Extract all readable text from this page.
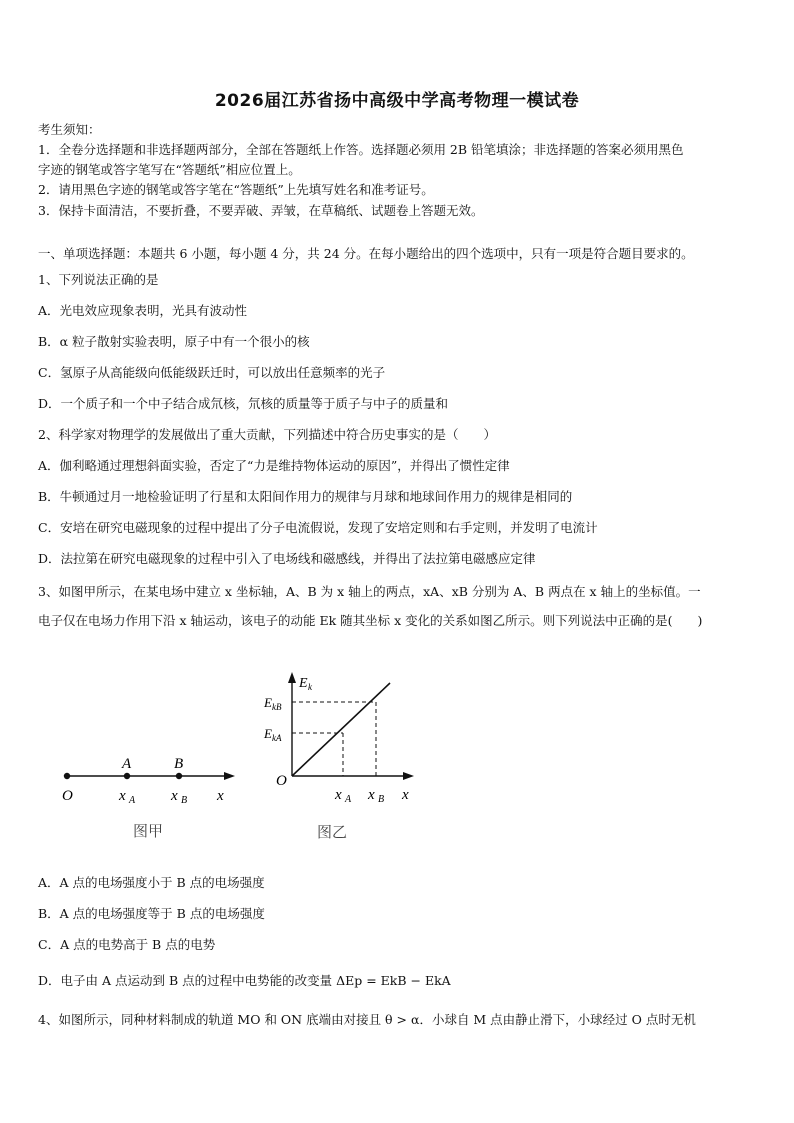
2026届江苏省扬中高级中学高考物理一模试卷
考生须知：
1．全卷分选择题和非选择题两部分，全部在答题纸上作答。选择题必须用 2B 铅笔填涂；非选择题的答案必须用黑色
字迹的钢笔或答字笔写在“答题纸”相应位置上。
2．请用黑色字迹的钢笔或答字笔在“答题纸”上先填写姓名和准考证号。
3．保持卡面清洁，不要折叠，不要弄破、弄皱，在草稿纸、试题卷上答题无效。
一、单项选择题：本题共 6 小题，每小题 4 分，共 24 分。在每小题给出的四个选项中，只有一项是符合题目要求的。
1、下列说法正确的是
A．光电效应现象表明，光具有波动性
B．α 粒子散射实验表明，原子中有一个很小的核
C．氢原子从高能级向低能级跃迁时，可以放出任意频率的光子
D．一个质子和一个中子结合成氘核，氘核的质量等于质子与中子的质量和
2、科学家对物理学的发展做出了重大贡献，下列描述中符合历史事实的是（　　）
A．伽利略通过理想斜面实验，否定了“力是维持物体运动的原因”，并得出了惯性定律
B．牛顿通过月一地检验证明了行星和太阳间作用力的规律与月球和地球间作用力的规律是相同的
C．安培在研究电磁现象的过程中提出了分子电流假说，发现了安培定则和右手定则，并发明了电流计
D．法拉第在研究电磁现象的过程中引入了电场线和磁感线，并得出了法拉第电磁感应定律
3、如图甲所示，在某电场中建立 x 坐标轴，A、B 为 x 轴上的两点，xA、xB 分别为 A、B 两点在 x 轴上的坐标值。一
电子仅在电场力作用下沿 x 轴运动，该电子的动能 Ek 随其坐标 x 变化的关系如图乙所示。则下列说法中正确的是(　　)
A	B
O	x A x B x
图甲
E k
E kB
E kA
O
x A x B x
图乙
A．A 点的电场强度小于 B 点的电场强度
B．A 点的电场强度等于 B 点的电场强度
C．A 点的电势高于 B 点的电势
D．电子由 A 点运动到 B 点的过程中电势能的改变量 ΔEp = EkB − EkA
4、如图所示，同种材料制成的轨道 MO 和 ON 底端由对接且 θ > α．小球自 M 点由静止滑下，小球经过 O 点时无机
